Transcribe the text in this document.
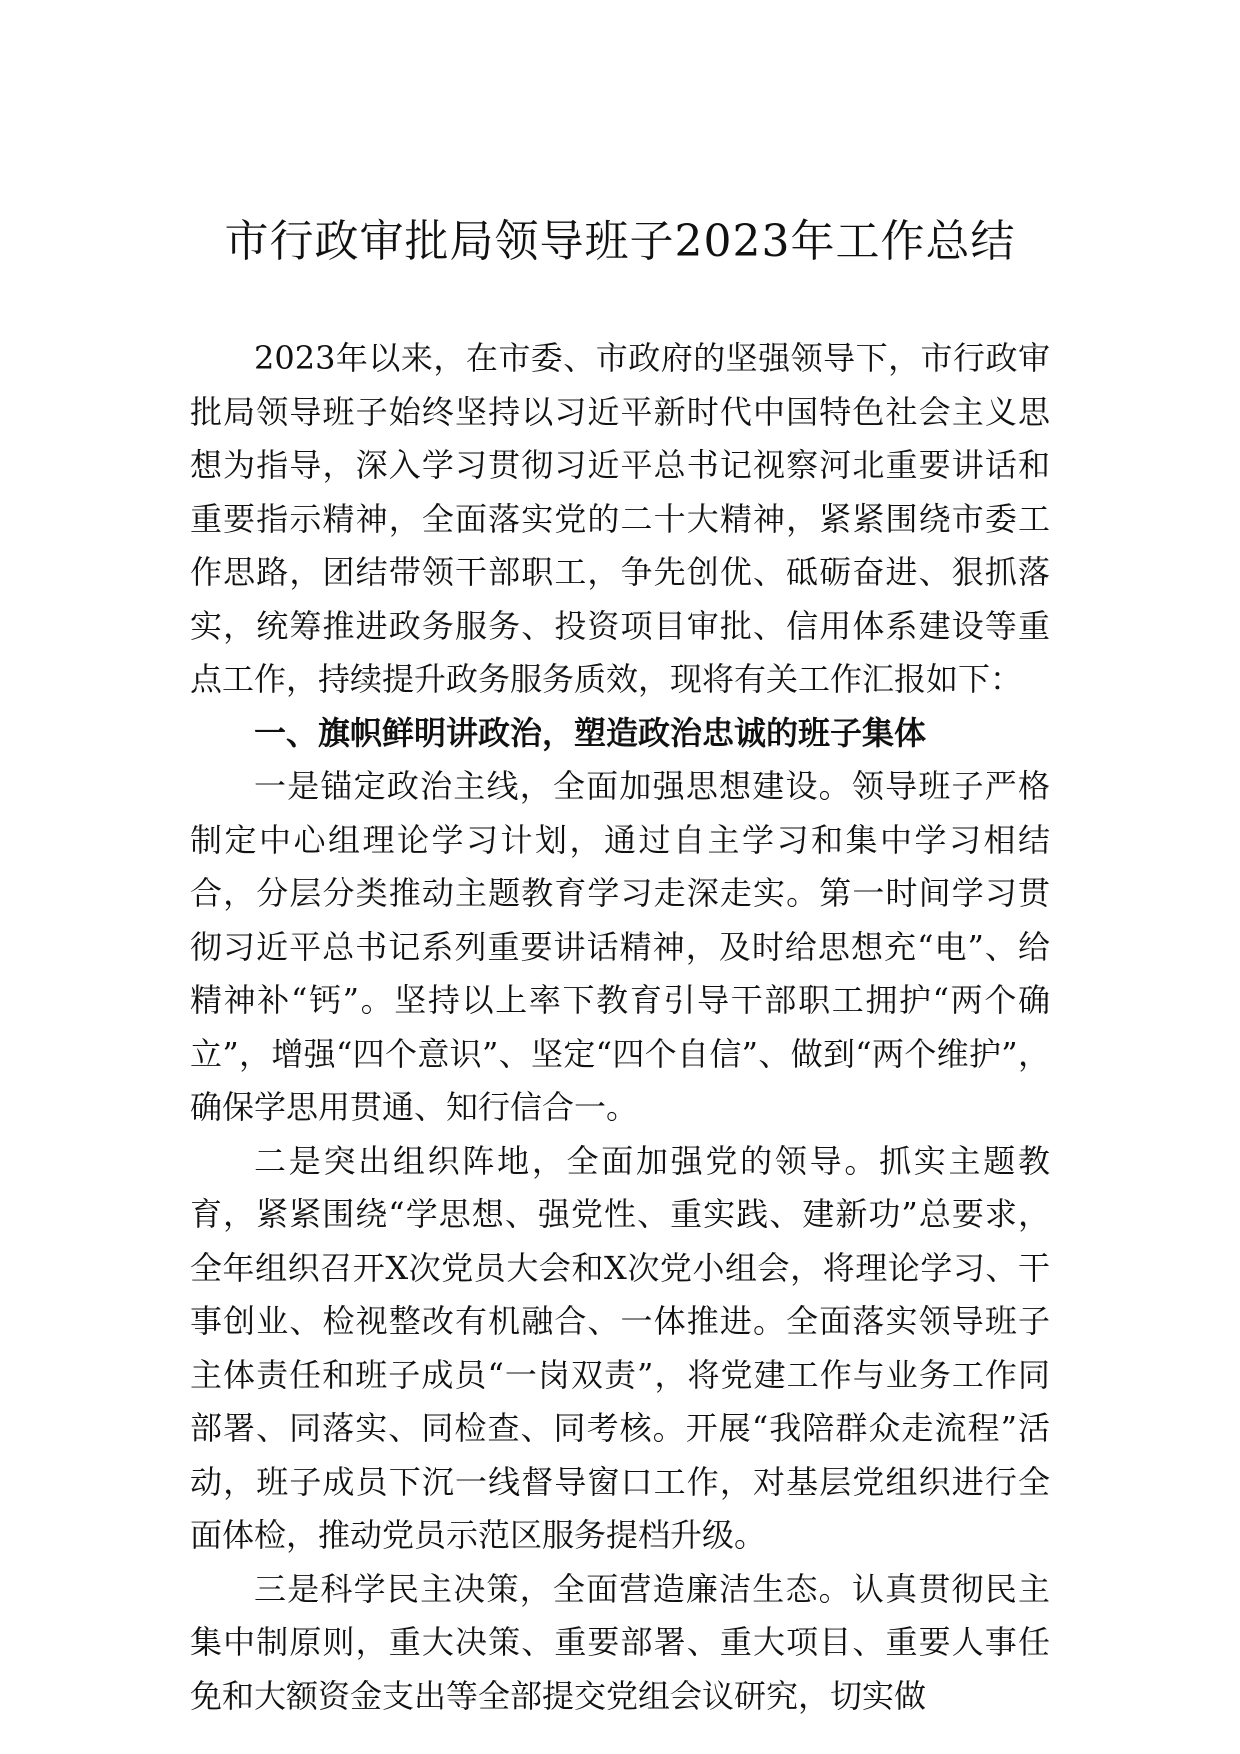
市行政审批局领导班子2023年工作总结

2023年以来，在市委、市政府的坚强领导下，市行政审批局领导班子始终坚持以习近平新时代中国特色社会主义思想为指导，深入学习贯彻习近平总书记视察河北重要讲话和重要指示精神，全面落实党的二十大精神，紧紧围绕市委工作思路，团结带领干部职工，争先创优、砥砺奋进、狠抓落实，统筹推进政务服务、投资项目审批、信用体系建设等重点工作，持续提升政务服务质效，现将有关工作汇报如下：

一、旗帜鲜明讲政治，塑造政治忠诚的班子集体

一是锚定政治主线，全面加强思想建设。领导班子严格制定中心组理论学习计划，通过自主学习和集中学习相结合，分层分类推动主题教育学习走深走实。第一时间学习贯彻习近平总书记系列重要讲话精神，及时给思想充“电”、给精神补“钙”。坚持以上率下教育引导干部职工拥护“两个确立”，增强“四个意识”、坚定“四个自信”、做到“两个维护”，确保学思用贯通、知行信合一。

二是突出组织阵地，全面加强党的领导。抓实主题教育，紧紧围绕“学思想、强党性、重实践、建新功”总要求，全年组织召开X次党员大会和X次党小组会，将理论学习、干事创业、检视整改有机融合、一体推进。全面落实领导班子主体责任和班子成员“一岗双责”，将党建工作与业务工作同部署、同落实、同检查、同考核。开展“我陪群众走流程”活动，班子成员下沉一线督导窗口工作，对基层党组织进行全面体检，推动党员示范区服务提档升级。

三是科学民主决策，全面营造廉洁生态。认真贯彻民主集中制原则，重大决策、重要部署、重大项目、重要人事任免和大额资金支出等全部提交党组会议研究，切实做
